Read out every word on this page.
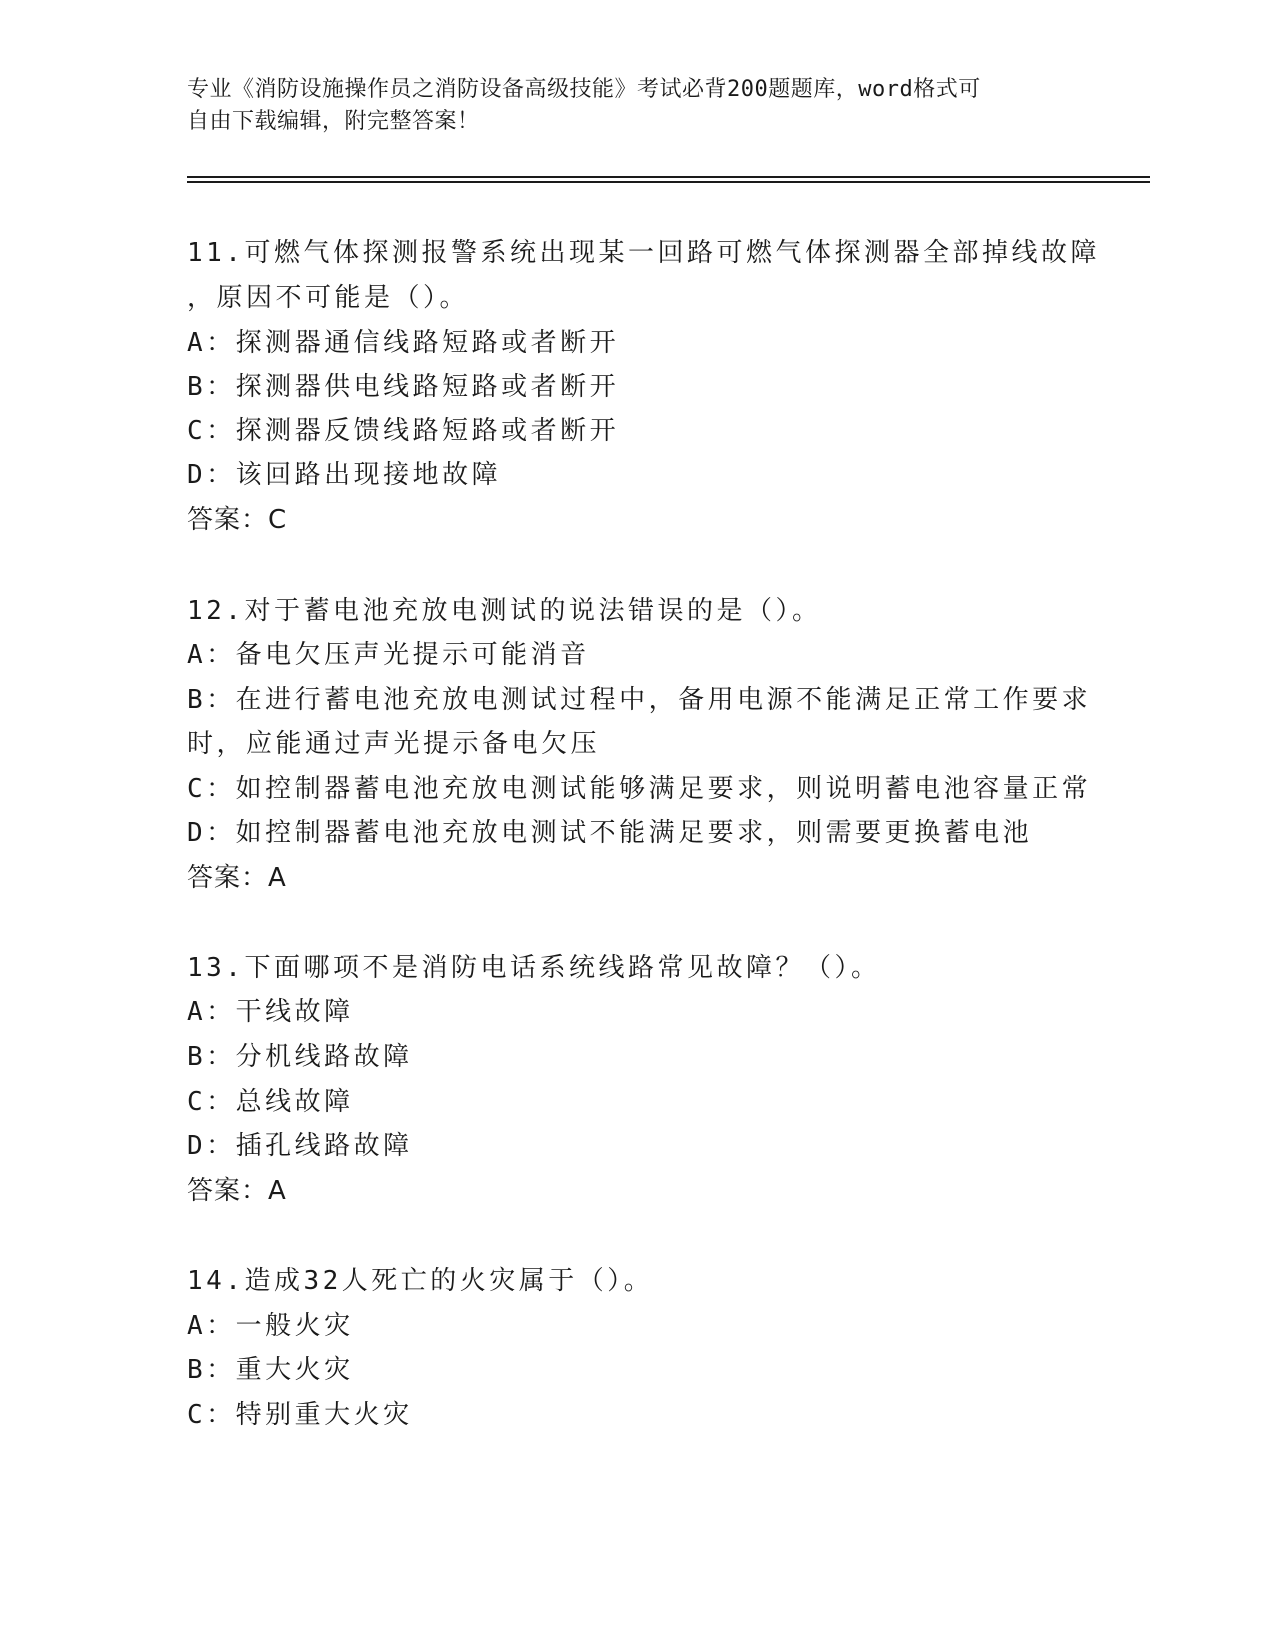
专业《消防设施操作员之消防设备高级技能》考试必背200题题库，word格式可
自由下载编辑，附完整答案！
11.可燃气体探测报警系统出现某一回路可燃气体探测器全部掉线故障
，原因不可能是（）。
A：探测器通信线路短路或者断开
B：探测器供电线路短路或者断开
C：探测器反馈线路短路或者断开
D：该回路出现接地故障
答案：C
12.对于蓄电池充放电测试的说法错误的是（）。
A：备电欠压声光提示可能消音
B：在进行蓄电池充放电测试过程中，备用电源不能满足正常工作要求
时，应能通过声光提示备电欠压
C：如控制器蓄电池充放电测试能够满足要求，则说明蓄电池容量正常
D：如控制器蓄电池充放电测试不能满足要求，则需要更换蓄电池
答案：A
13.下面哪项不是消防电话系统线路常见故障？（）。
A：干线故障
B：分机线路故障
C：总线故障
D：插孔线路故障
答案：A
14.造成32人死亡的火灾属于（）。
A：一般火灾
B：重大火灾
C：特别重大火灾
